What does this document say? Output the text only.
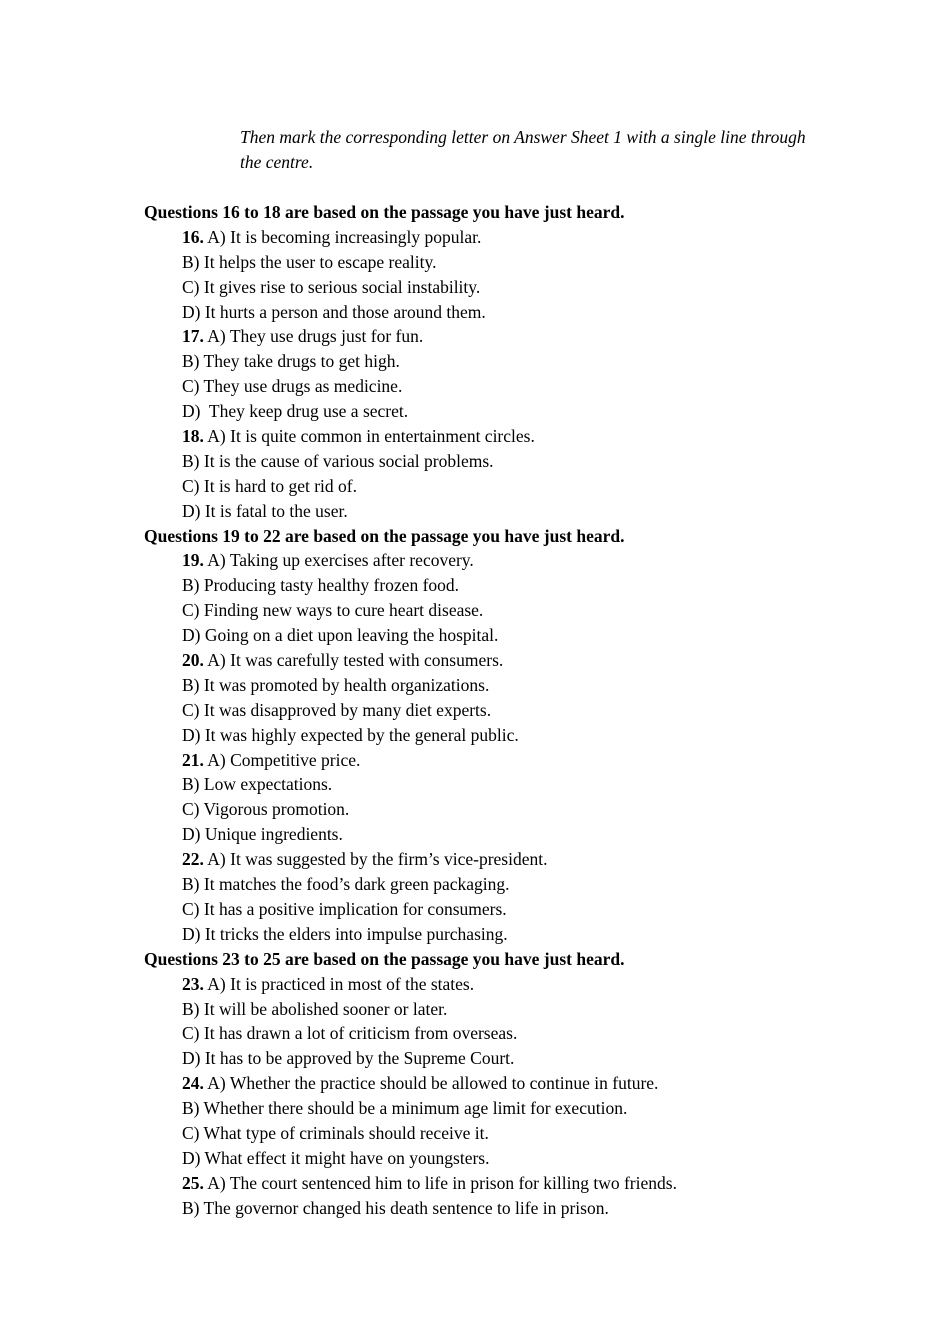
Then mark the corresponding letter on Answer Sheet 1 with a single line through the centre.
Questions 16 to 18 are based on the passage you have just heard.
16. A) It is becoming increasingly popular.
B) It helps the user to escape reality.
C) It gives rise to serious social instability.
D) It hurts a person and those around them.
17. A) They use drugs just for fun.
B) They take drugs to get high.
C) They use drugs as medicine.
D)  They keep drug use a secret.
18. A) It is quite common in entertainment circles.
B) It is the cause of various social problems.
C) It is hard to get rid of.
D) It is fatal to the user.
Questions 19 to 22 are based on the passage you have just heard.
19. A) Taking up exercises after recovery.
B) Producing tasty healthy frozen food.
C) Finding new ways to cure heart disease.
D) Going on a diet upon leaving the hospital.
20. A) It was carefully tested with consumers.
B) It was promoted by health organizations.
C) It was disapproved by many diet experts.
D) It was highly expected by the general public.
21. A) Competitive price.
B) Low expectations.
C) Vigorous promotion.
D) Unique ingredients.
22. A) It was suggested by the firm’s vice-president.
B) It matches the food’s dark green packaging.
C) It has a positive implication for consumers.
D) It tricks the elders into impulse purchasing.
Questions 23 to 25 are based on the passage you have just heard.
23. A) It is practiced in most of the states.
B) It will be abolished sooner or later.
C) It has drawn a lot of criticism from overseas.
D) It has to be approved by the Supreme Court.
24. A) Whether the practice should be allowed to continue in future.
B) Whether there should be a minimum age limit for execution.
C) What type of criminals should receive it.
D) What effect it might have on youngsters.
25. A) The court sentenced him to life in prison for killing two friends.
B) The governor changed his death sentence to life in prison.
